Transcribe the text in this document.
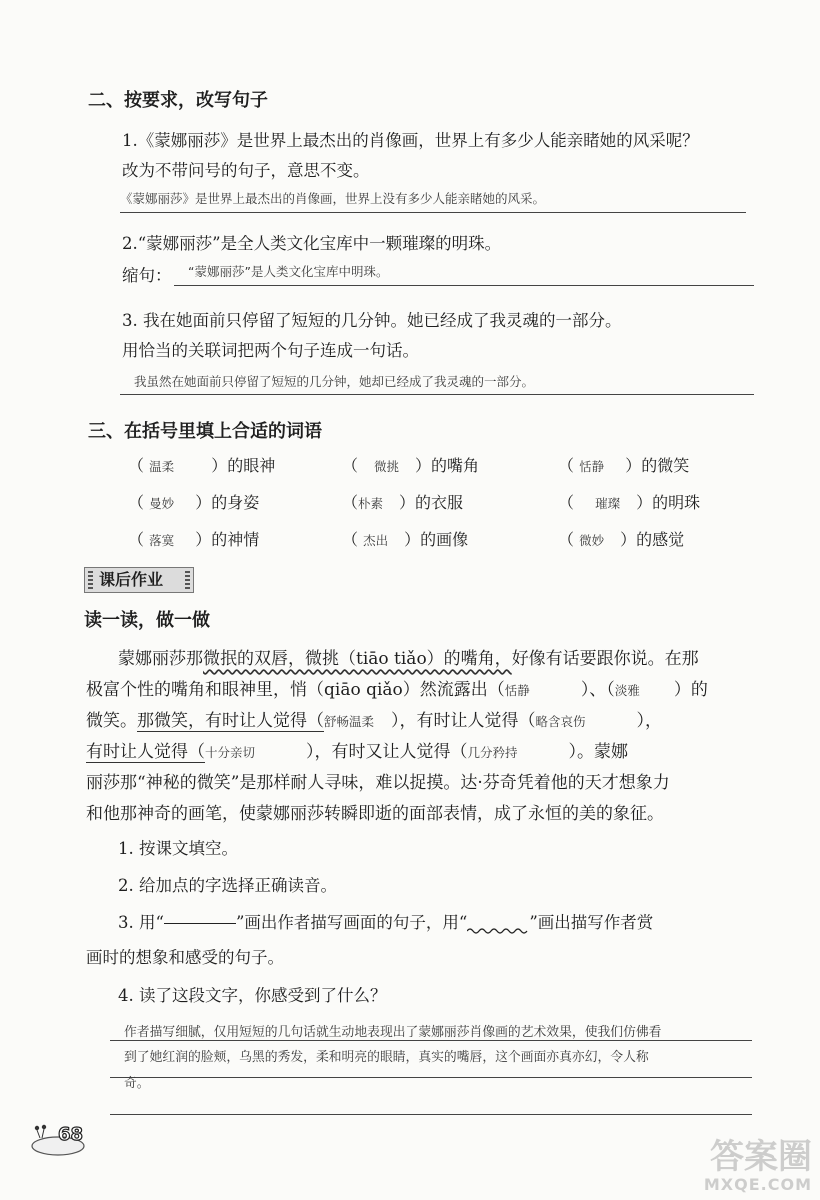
二、按要求，改写句子
1.《蒙娜丽莎》是世界上最杰出的肖像画，世界上有多少人能亲睹她的风采呢？
改为不带问号的句子，意思不变。
《蒙娜丽莎》是世界上最杰出的肖像画，世界上没有多少人能亲睹她的风采。
2.“蒙娜丽莎”是全人类文化宝库中一颗璀璨的明珠。
缩句： “蒙娜丽莎”是人类文化宝库中明珠。
3. 我在她面前只停留了短短的几分钟。她已经成了我灵魂的一部分。
用恰当的关联词把两个句子连成一句话。
我虽然在她面前只停留了短短的几分钟，她却已经成了我灵魂的一部分。
三、在括号里填上合适的词语
（ 温柔 　　）的眼神	（　微挑　）的嘴角	（ 恬静 　）的微笑
（ 曼妙 　）的身姿	（朴素　）的衣服	（ 　璀璨　）的明珠
（ 落寞 　）的神情	（ 杰出　）的画像	（ 微妙　）的感觉
课后作业
读一读，做一做
蒙娜丽莎那微抿的双唇，微挑（tiāo tiǎo）的嘴角，好像有话要跟你说。在那
极富个性的嘴角和眼神里，悄（qiāo qiǎo）然流露出（恬静　　　	）、（淡雅　　 ）的
微笑。那微笑，有时让人觉得（舒畅温柔　 ），有时让人觉得（略含哀伤　　　	），
有时让人觉得（十分亲切　　　	），有时又让人觉得（几分矜持　　　	）。蒙娜
丽莎那“神秘的微笑”是那样耐人寻味，难以捉摸。达·芬奇凭着他的天才想象力
和他那神奇的画笔，使蒙娜丽莎转瞬即逝的面部表情，成了永恒的美的象征。
1. 按课文填空。
2. 给加点的字选择正确读音。
3. 用“	”画出作者描写画面的句子，用“	”画出描写作者赏
画时的想象和感受的句子。
4. 读了这段文字，你感受到了什么？
作者描写细腻，仅用短短的几句话就生动地表现出了蒙娜丽莎肖像画的艺术效果，使我们仿佛看
到了她红润的脸颊，乌黑的秀发，柔和明亮的眼睛，真实的嘴唇，这个画面亦真亦幻，令人称
奇。
68
答案圈
MXQE.COM
